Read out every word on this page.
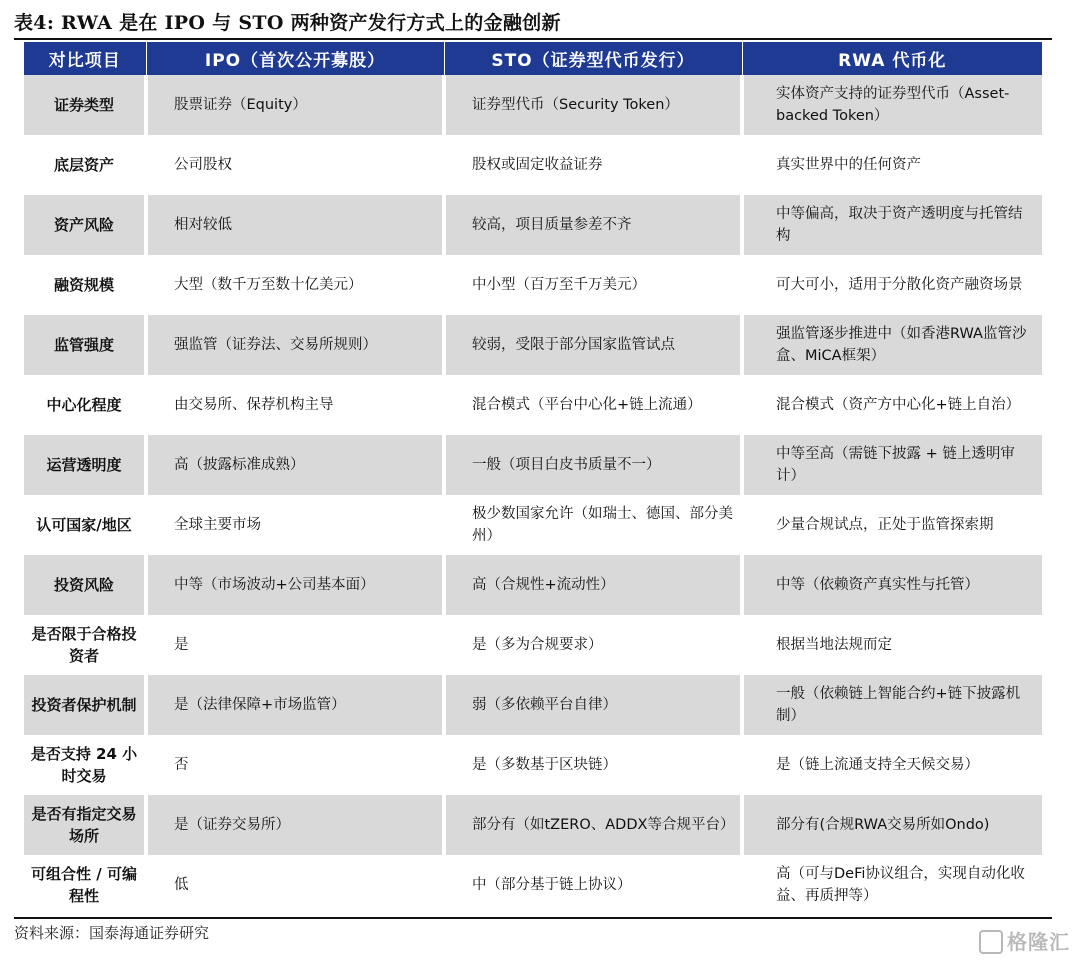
表4: RWA 是在 IPO 与 STO 两种资产发行方式上的金融创新
对比项目	IPO（首次公开募股）	STO（证券型代币发行）	RWA 代币化
证券类型	股票证券（Equity）	证券型代币（Security Token）	实体资产支持的证券型代币（Asset-backed Token）
底层资产	公司股权	股权或固定收益证券	真实世界中的任何资产
资产风险	相对较低	较高，项目质量参差不齐	中等偏高，取决于资产透明度与托管结构
融资规模	大型（数千万至数十亿美元）	中小型（百万至千万美元）	可大可小，适用于分散化资产融资场景
监管强度	强监管（证券法、交易所规则）	较弱，受限于部分国家监管试点	强监管逐步推进中（如香港RWA监管沙盒、MiCA框架）
中心化程度	由交易所、保荐机构主导	混合模式（平台中心化+链上流通）	混合模式（资产方中心化+链上自治）
运营透明度	高（披露标准成熟）	一般（项目白皮书质量不一）	中等至高（需链下披露 + 链上透明审计）
认可国家/地区	全球主要市场	极少数国家允许（如瑞士、德国、部分美州）	少量合规试点，正处于监管探索期
投资风险	中等（市场波动+公司基本面）	高（合规性+流动性）	中等（依赖资产真实性与托管）
是否限于合格投资者	是	是（多为合规要求）	根据当地法规而定
投资者保护机制	是（法律保障+市场监管）	弱（多依赖平台自律）	一般（依赖链上智能合约+链下披露机制）
是否支持 24 小时交易	否	是（多数基于区块链）	是（链上流通支持全天候交易）
是否有指定交易场所	是（证券交易所）	部分有（如tZERO、ADDX等合规平台）	部分有(合规RWA交易所如Ondo)
可组合性 / 可编程性	低	中（部分基于链上协议）	高（可与DeFi协议组合，实现自动化收益、再质押等）
资料来源：国泰海通证券研究	格隆汇
